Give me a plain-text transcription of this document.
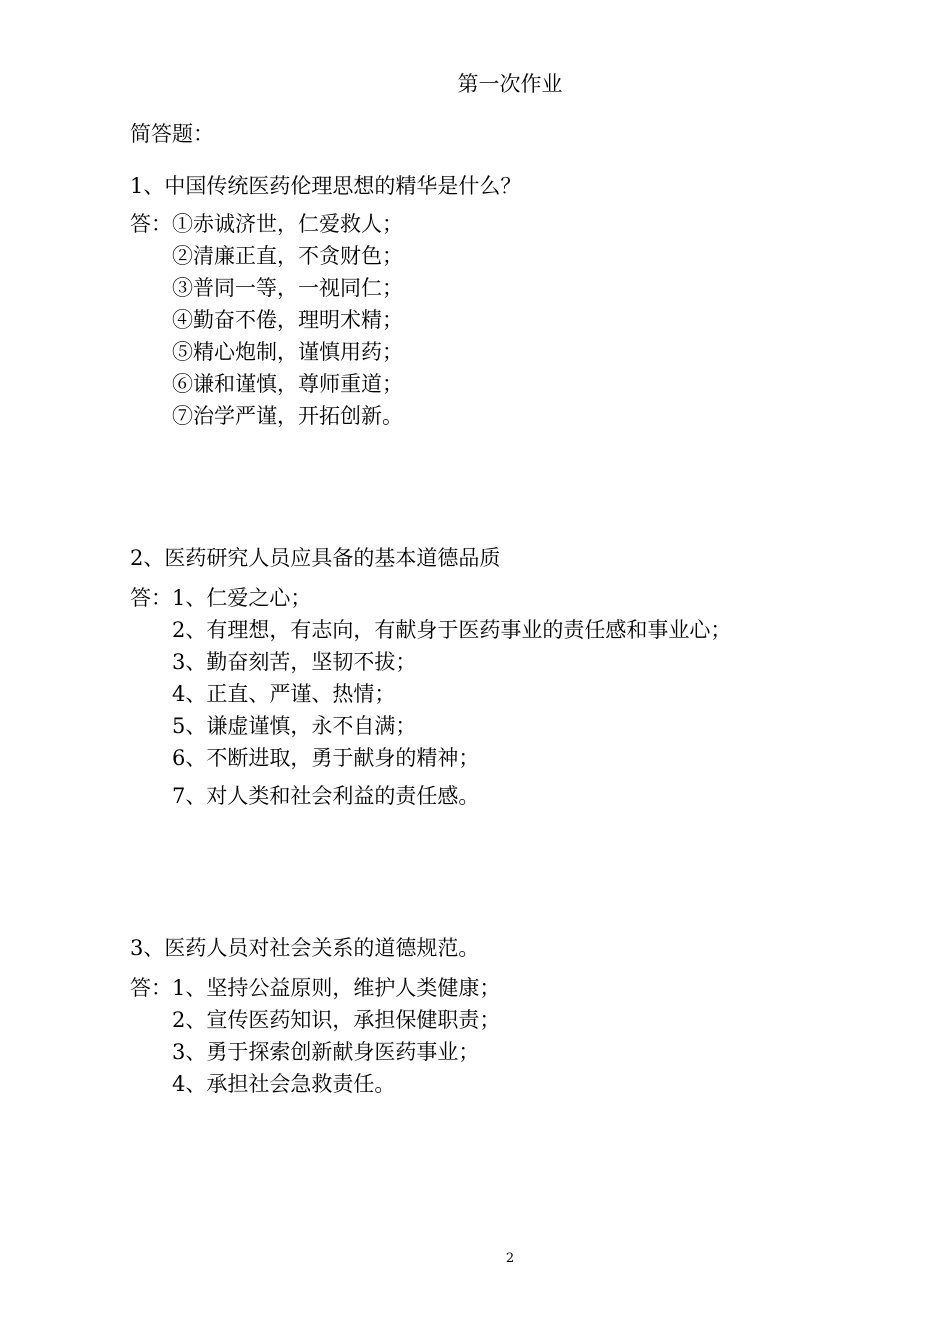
第一次作业
简答题：
1、中国传统医药伦理思想的精华是什么？
答： ①赤诚济世，仁爱救人；
②清廉正直，不贪财色；
③普同一等，一视同仁；
④勤奋不倦，理明术精；
⑤精心炮制，谨慎用药；
⑥谦和谨慎，尊师重道；
⑦治学严谨，开拓创新。
2、医药研究人员应具备的基本道德品质
答： 1、仁爱之心；
2、有理想，有志向，有献身于医药事业的责任感和事业心；
3、勤奋刻苦，坚韧不拔；
4、正直、严谨、热情；
5、谦虚谨慎，永不自满；
6、不断进取，勇于献身的精神；
7、对人类和社会利益的责任感。
3、医药人员对社会关系的道德规范。
答： 1、坚持公益原则，维护人类健康；
2、宣传医药知识，承担保健职责；
3、勇于探索创新献身医药事业；
4、承担社会急救责任。
2
